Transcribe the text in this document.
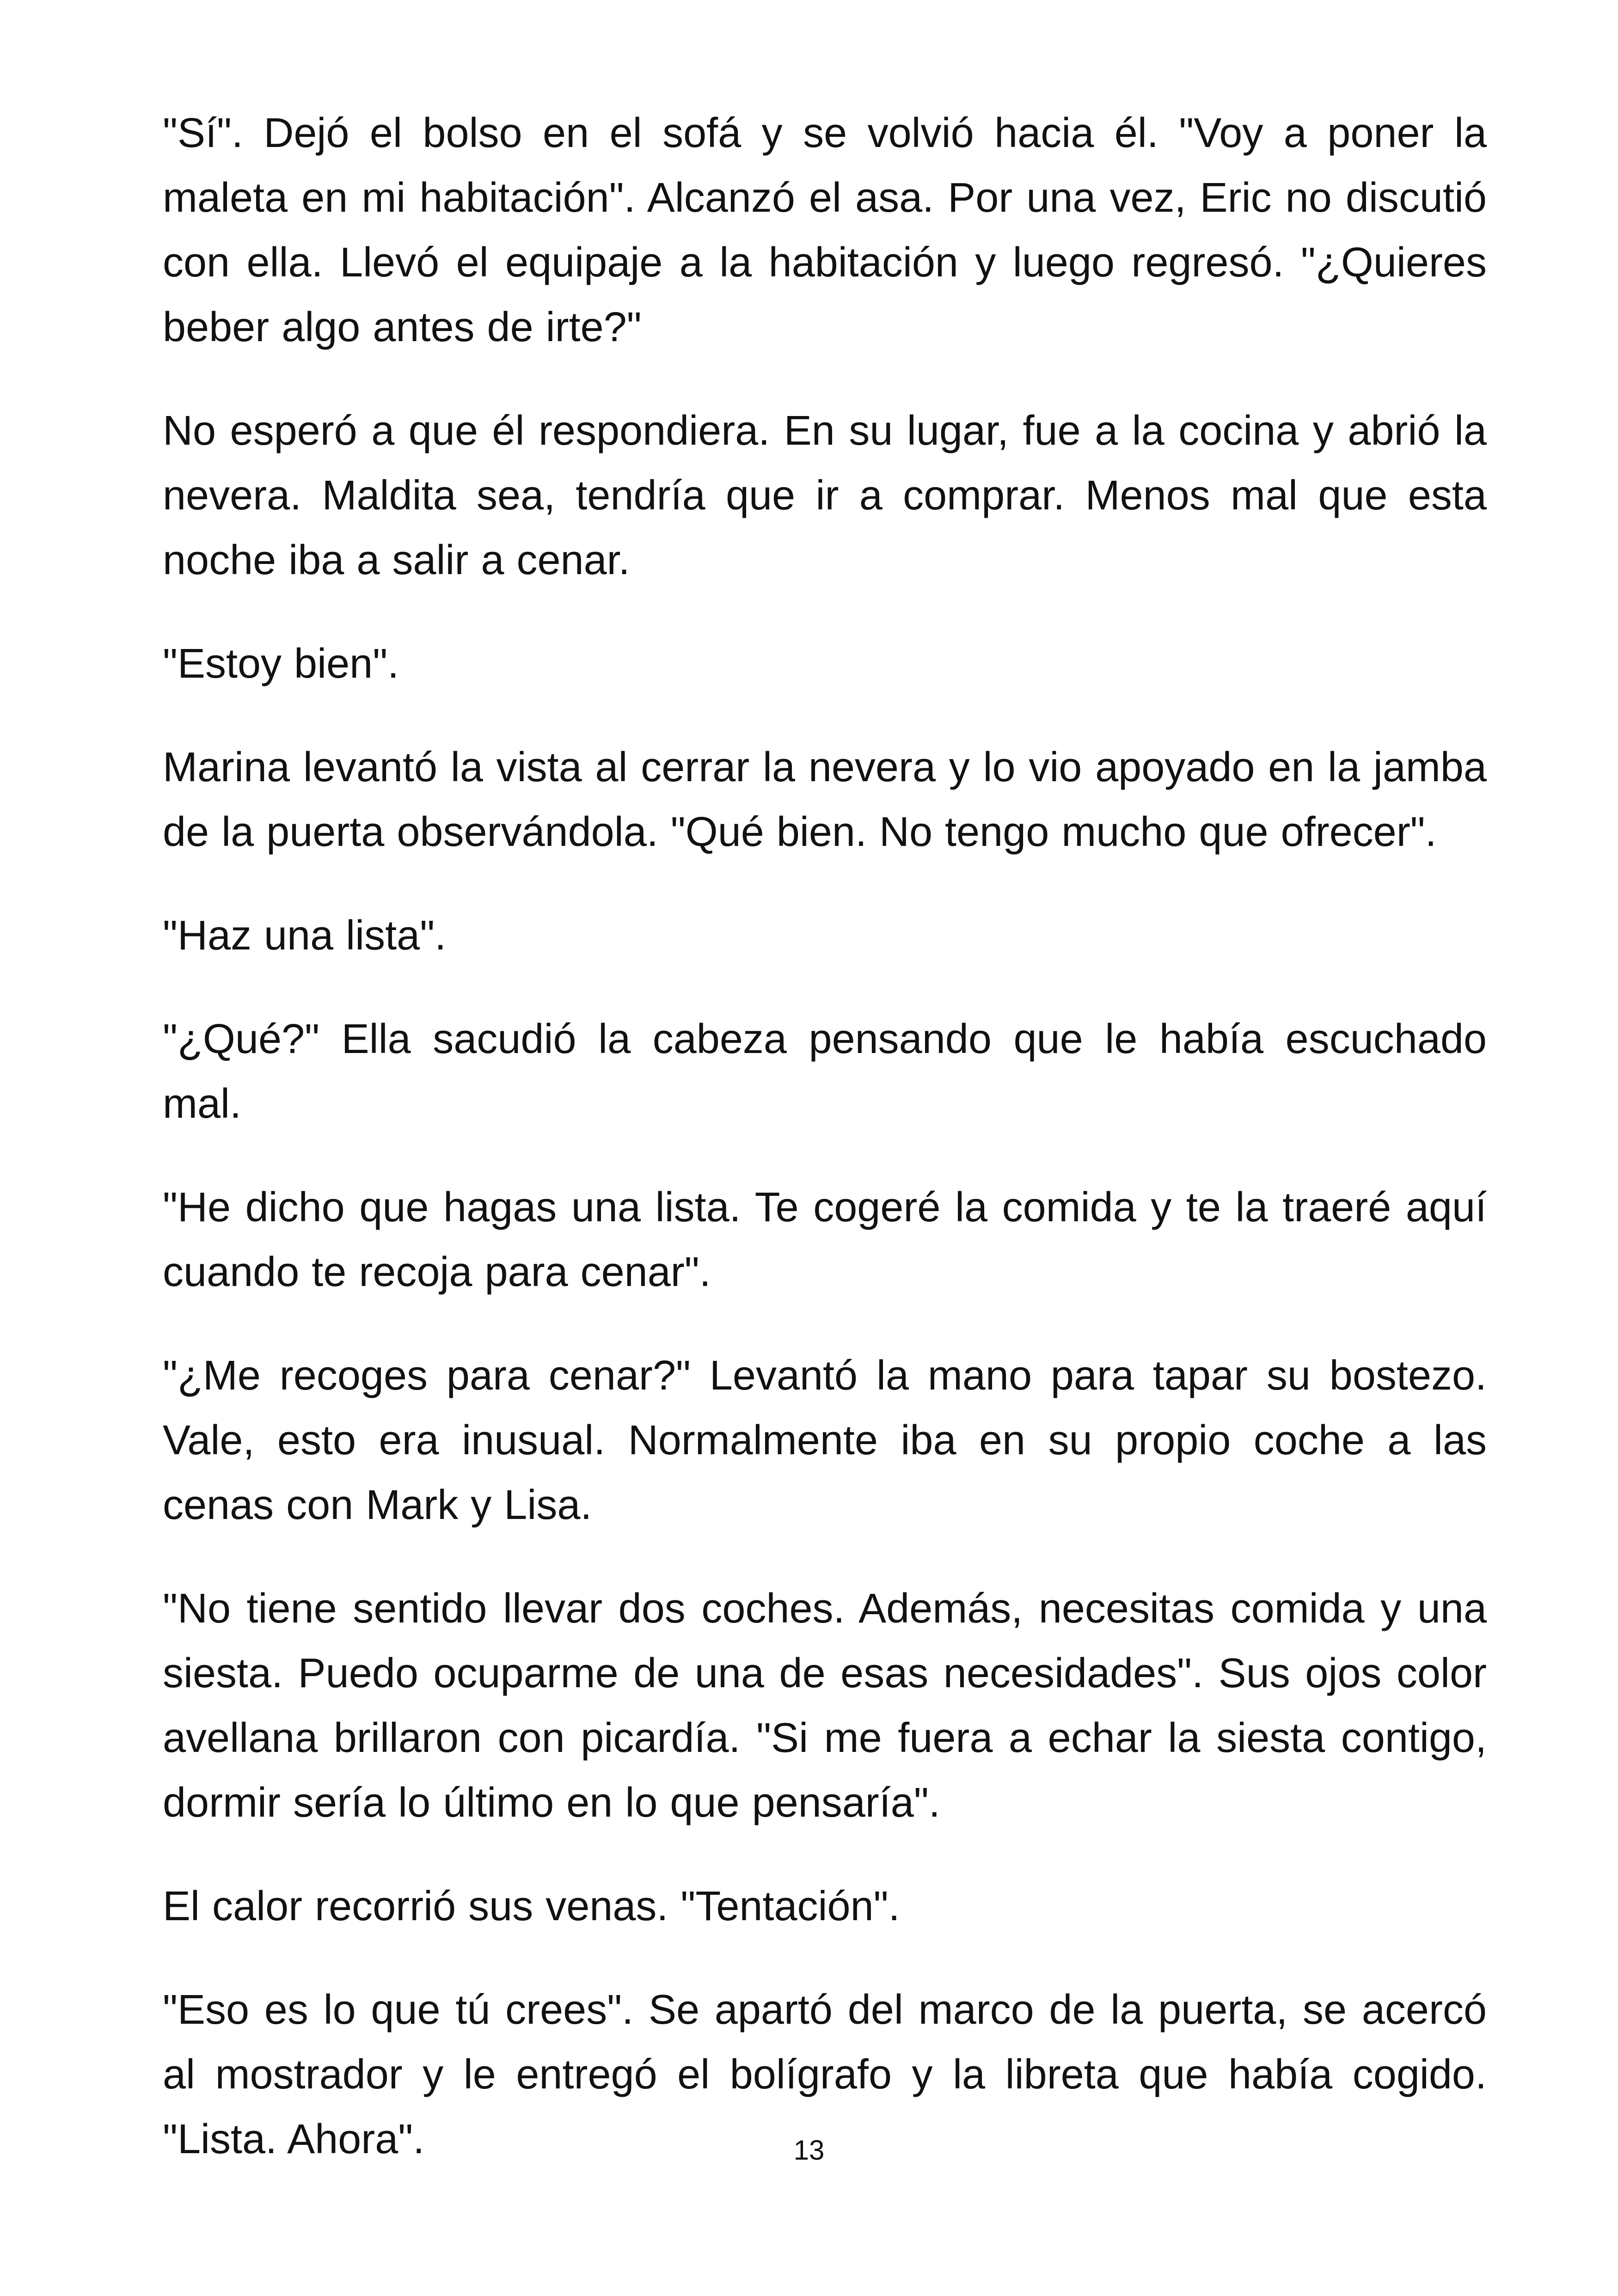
"Sí". Dejó el bolso en el sofá y se volvió hacia él. "Voy a poner la maleta en mi habitación". Alcanzó el asa. Por una vez, Eric no discutió con ella. Llevó el equipaje a la habitación y luego regresó. "¿Quieres beber algo antes de irte?"

No esperó a que él respondiera. En su lugar, fue a la cocina y abrió la nevera. Maldita sea, tendría que ir a comprar. Menos mal que esta noche iba a salir a cenar.

"Estoy bien".

Marina levantó la vista al cerrar la nevera y lo vio apoyado en la jamba de la puerta observándola. "Qué bien. No tengo mucho que ofrecer".

"Haz una lista".

"¿Qué?" Ella sacudió la cabeza pensando que le había escuchado mal.

"He dicho que hagas una lista. Te cogeré la comida y te la traeré aquí cuando te recoja para cenar".

"¿Me recoges para cenar?" Levantó la mano para tapar su bostezo. Vale, esto era inusual. Normalmente iba en su propio coche a las cenas con Mark y Lisa.

"No tiene sentido llevar dos coches. Además, necesitas comida y una siesta. Puedo ocuparme de una de esas necesidades". Sus ojos color avellana brillaron con picardía. "Si me fuera a echar la siesta contigo, dormir sería lo último en lo que pensaría".

El calor recorrió sus venas. "Tentación".

"Eso es lo que tú crees". Se apartó del marco de la puerta, se acercó al mostrador y le entregó el bolígrafo y la libreta que había cogido. "Lista. Ahora".	13
